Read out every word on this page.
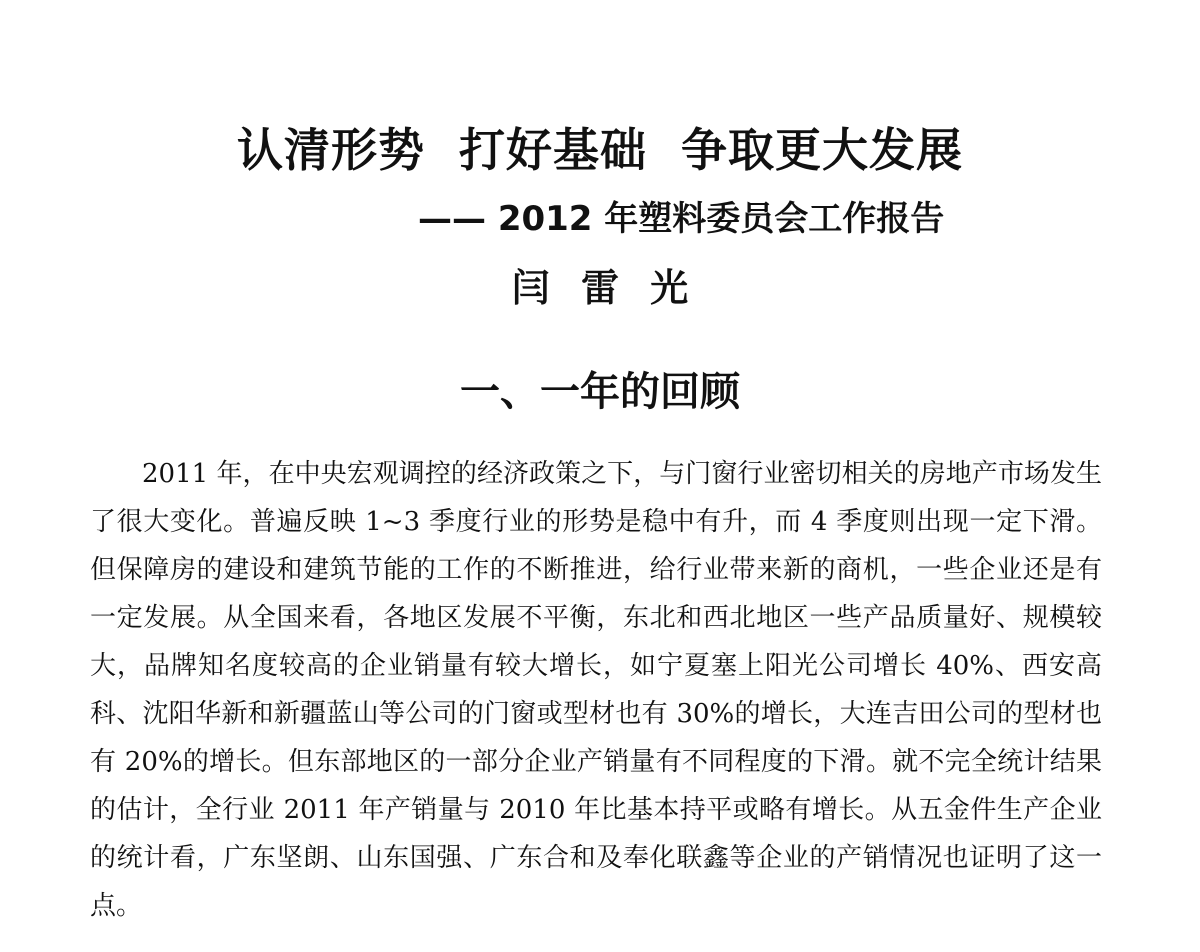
认清形势  打好基础  争取更大发展
—— 2012 年塑料委员会工作报告
闫 雷 光
一、一年的回顾

2011 年，在中央宏观调控的经济政策之下，与门窗行业密切相关的房地产市场发生了很大变化。普遍反映 1~3 季度行业的形势是稳中有升，而 4 季度则出现一定下滑。但保障房的建设和建筑节能的工作的不断推进，给行业带来新的商机，一些企业还是有一定发展。从全国来看，各地区发展不平衡，东北和西北地区一些产品质量好、规模较大，品牌知名度较高的企业销量有较大增长，如宁夏塞上阳光公司增长 40%、西安高科、沈阳华新和新疆蓝山等公司的门窗或型材也有 30%的增长，大连吉田公司的型材也有 20%的增长。但东部地区的一部分企业产销量有不同程度的下滑。就不完全统计结果的估计，全行业 2011 年产销量与 2010 年比基本持平或略有增长。从五金件生产企业的统计看，广东坚朗、山东国强、广东合和及奉化联鑫等企业的产销情况也证明了这一点。
